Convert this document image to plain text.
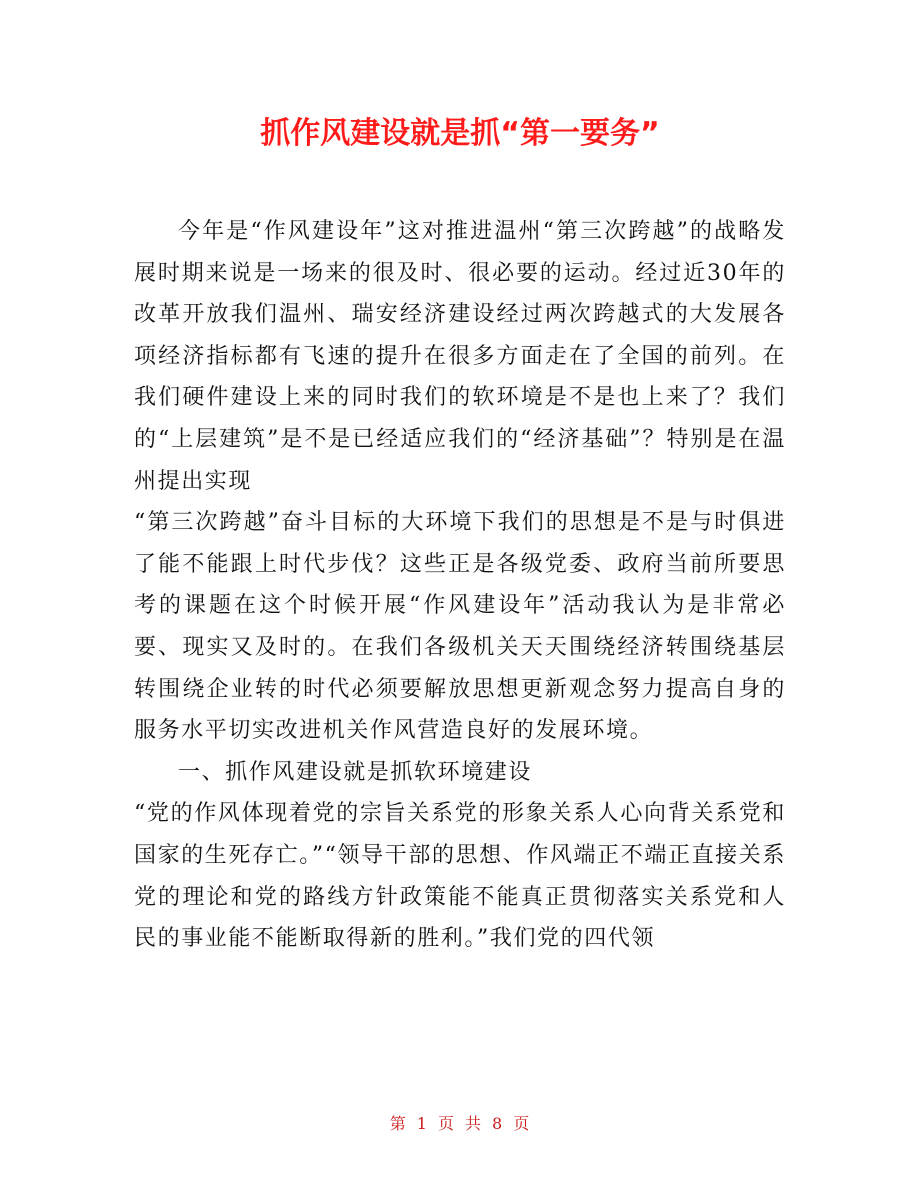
抓作风建设就是抓“第一要务”

今年是“作风建设年”这对推进温州“第三次跨越”的战略发展时期来说是一场来的很及时、很必要的运动。经过近30年的改革开放我们温州、瑞安经济建设经过两次跨越式的大发展各项经济指标都有飞速的提升在很多方面走在了全国的前列。在我们硬件建设上来的同时我们的软环境是不是也上来了？我们的“上层建筑”是不是已经适应我们的“经济基础”？特别是在温州提出实现

“第三次跨越”奋斗目标的大环境下我们的思想是不是与时俱进了能不能跟上时代步伐？这些正是各级党委、政府当前所要思考的课题在这个时候开展“作风建设年”活动我认为是非常必要、现实又及时的。在我们各级机关天天围绕经济转围绕基层转围绕企业转的时代必须要解放思想更新观念努力提高自身的服务水平切实改进机关作风营造良好的发展环境。

一、抓作风建设就是抓软环境建设

“党的作风体现着党的宗旨关系党的形象关系人心向背关系党和国家的生死存亡。”“领导干部的思想、作风端正不端正直接关系党的理论和党的路线方针政策能不能真正贯彻落实关系党和人民的事业能不能断取得新的胜利。”我们党的四代领

第 1 页 共 8 页
